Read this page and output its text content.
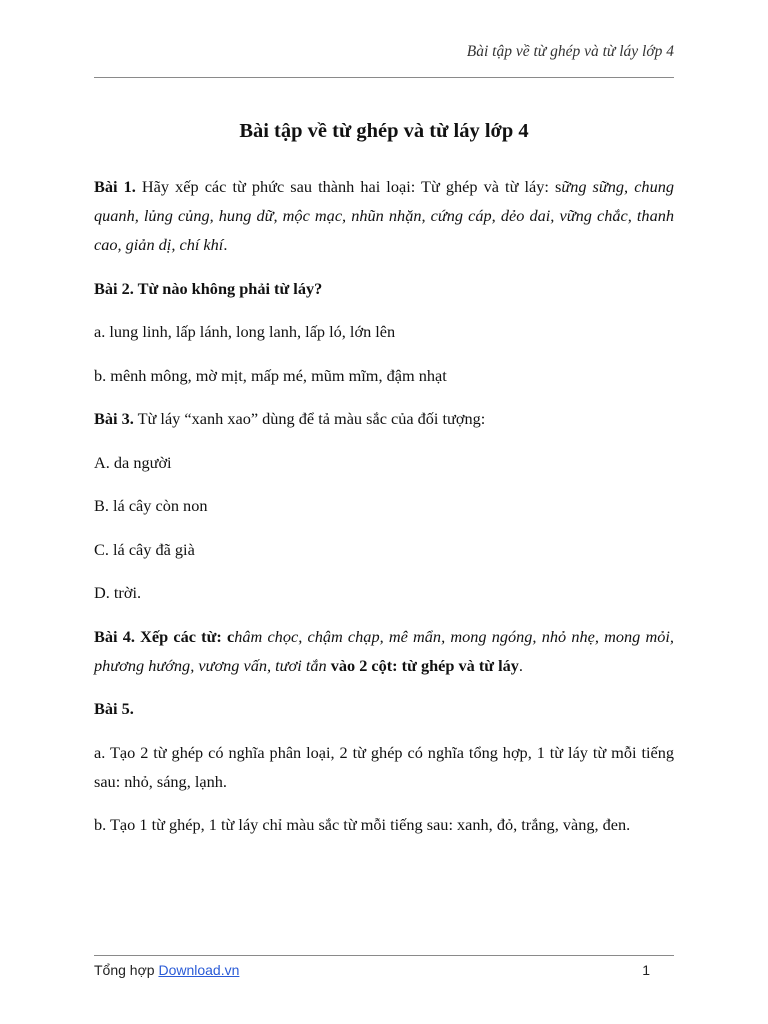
Bài tập về từ ghép và từ láy lớp 4
Bài tập về từ ghép và từ láy lớp 4

Bài 1. Hãy xếp các từ phức sau thành hai loại: Từ ghép và từ láy: sững sững, chung quanh, lủng củng, hung dữ, mộc mạc, nhũn nhặn, cứng cáp, dẻo dai, vững chắc, thanh cao, giản dị, chí khí.

Bài 2. Từ nào không phải từ láy?

a. lung linh, lấp lánh, long lanh, lấp ló, lớn lên

b. mênh mông, mờ mịt, mấp mé, mũm mĩm, đậm nhạt

Bài 3. Từ láy “xanh xao” dùng để tả màu sắc của đối tượng:

A. da người

B. lá cây còn non

C. lá cây đã già

D. trời.

Bài 4. Xếp các từ: châm chọc, chậm chạp, mê mẩn, mong ngóng, nhỏ nhẹ, mong mỏi, phương hướng, vương vấn, tươi tắn vào 2 cột: từ ghép và từ láy.

Bài 5.

a. Tạo 2 từ ghép có nghĩa phân loại, 2 từ ghép có nghĩa tổng hợp, 1 từ láy từ mỗi tiếng sau: nhỏ, sáng, lạnh.

b. Tạo 1 từ ghép, 1 từ láy chỉ màu sắc từ mỗi tiếng sau: xanh, đỏ, trắng, vàng, đen.

Tổng hợp Download.vn	1
